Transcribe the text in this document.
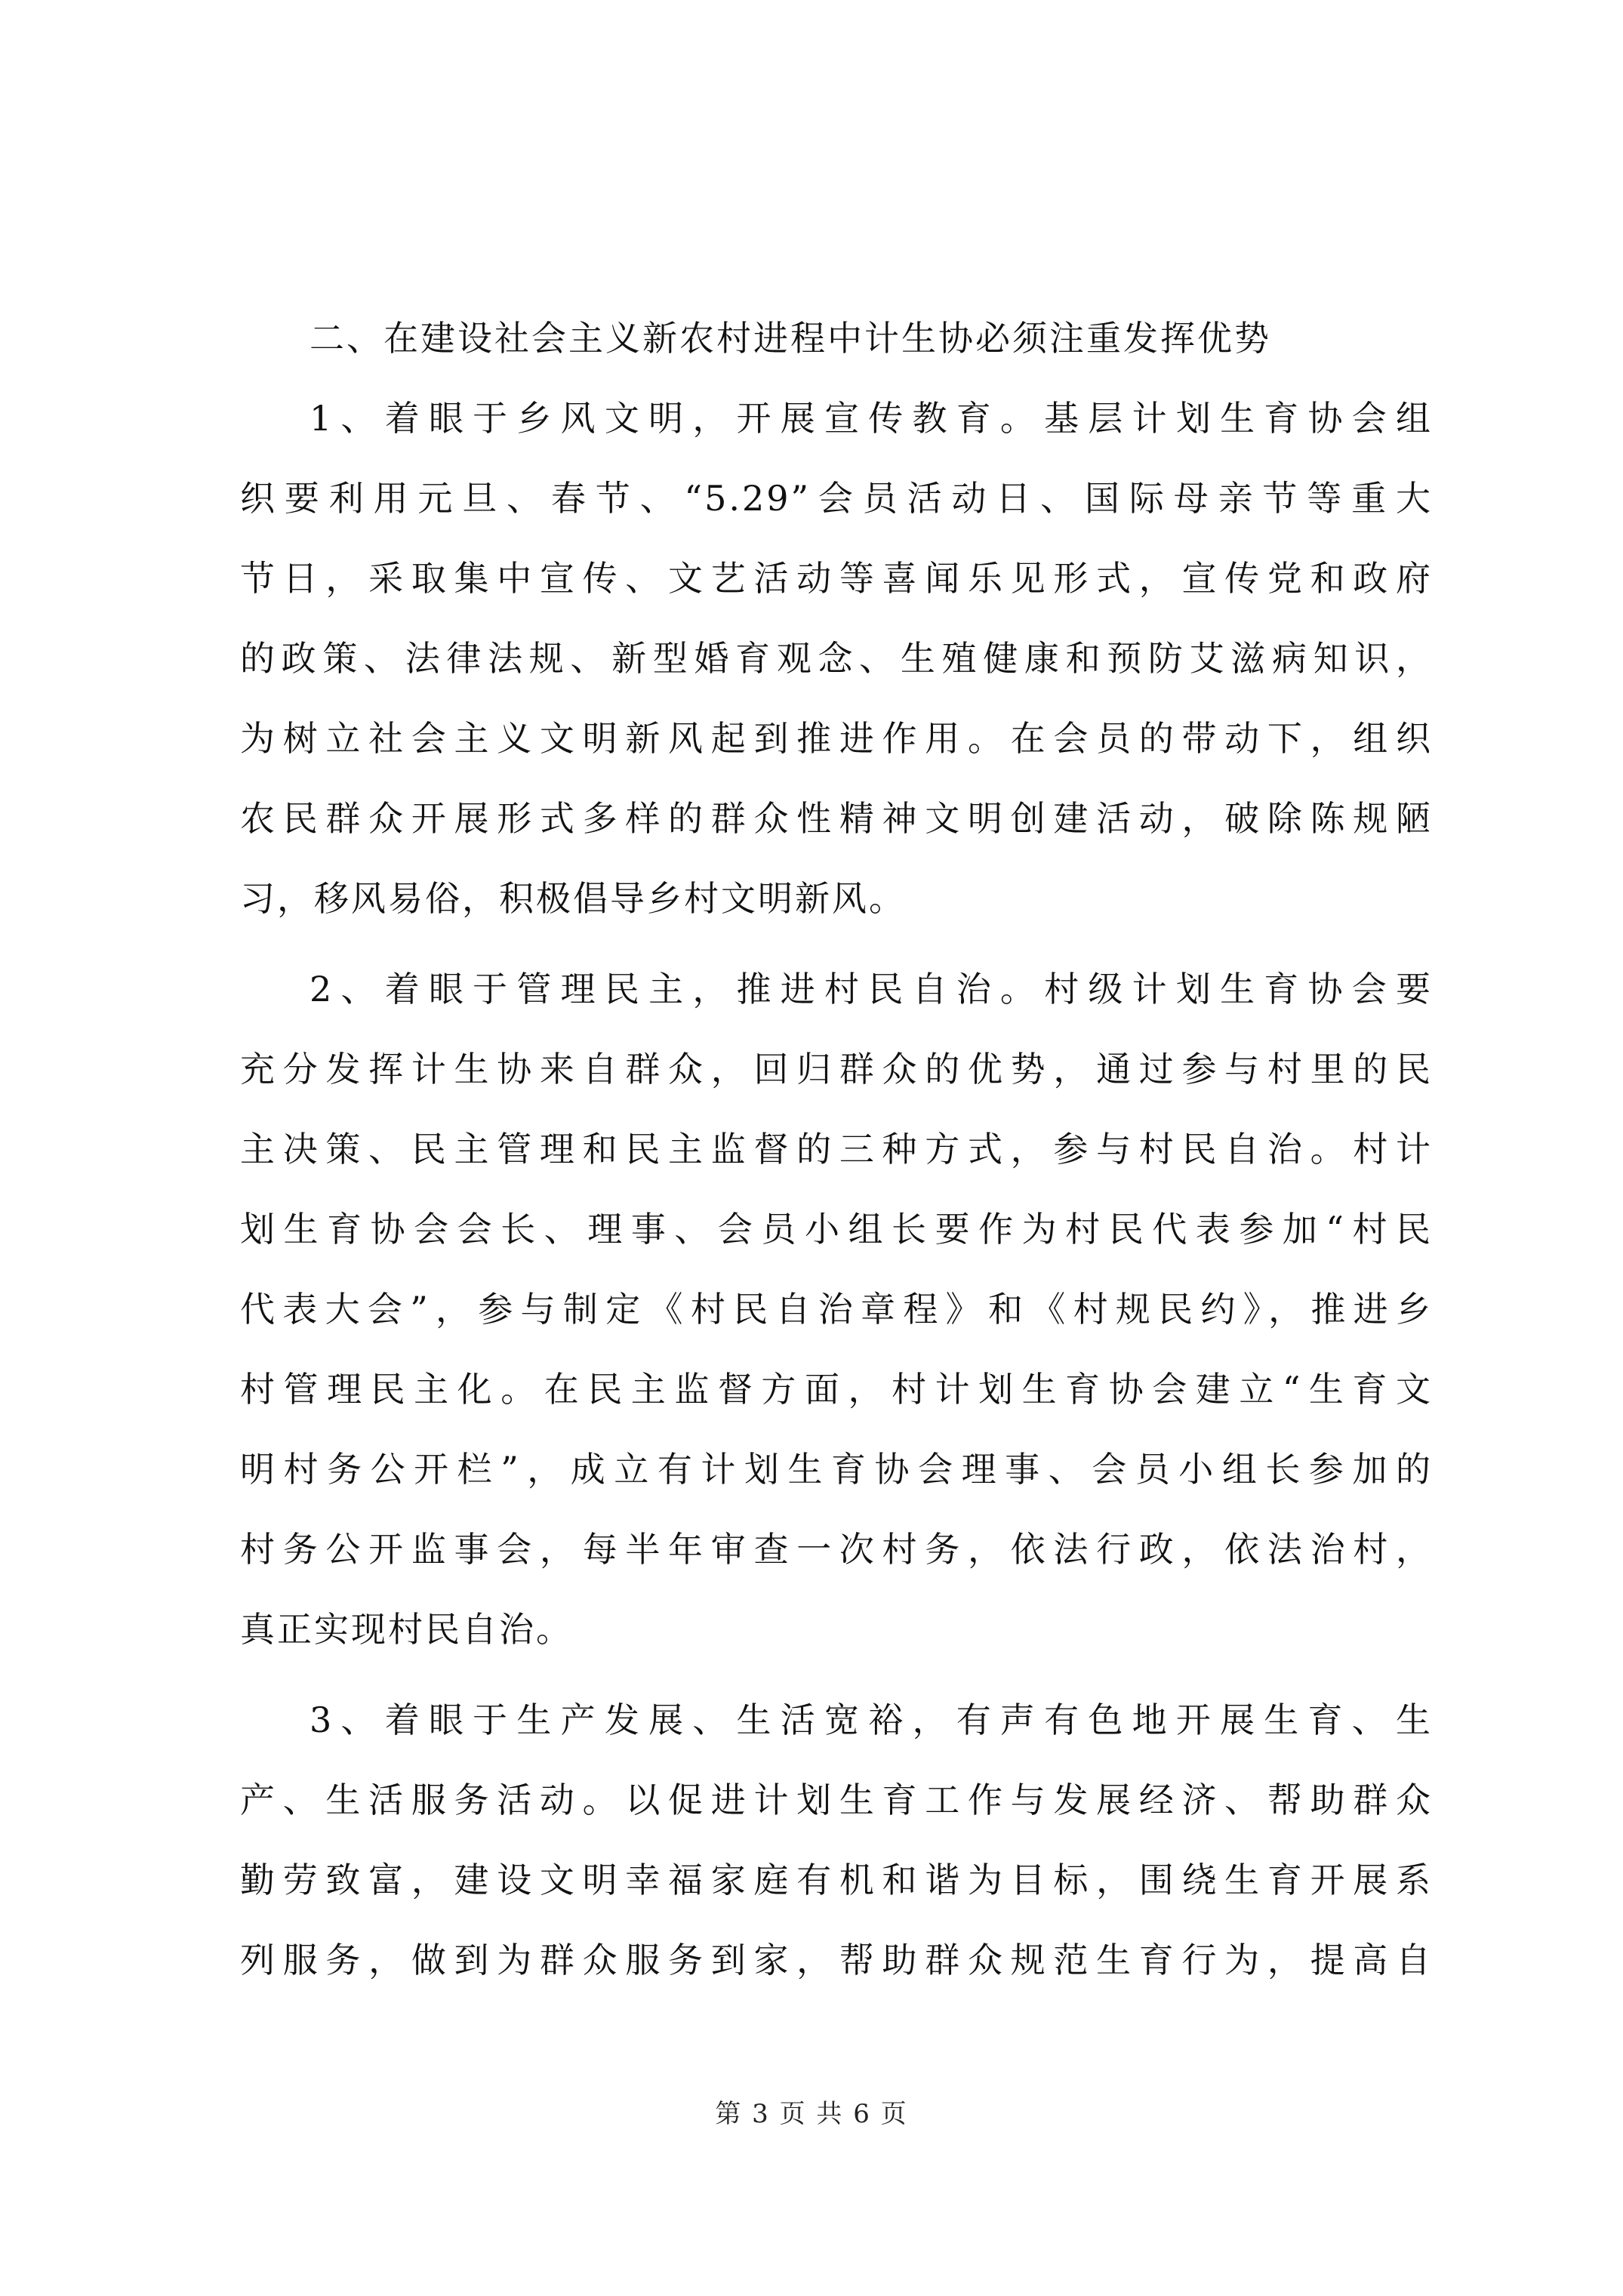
二、在建设社会主义新农村进程中计生协必须注重发挥优势

1、着眼于乡风文明，开展宣传教育。基层计划生育协会组
织要利用元旦、春节、“5.29”会员活动日、国际母亲节等重大
节日，采取集中宣传、文艺活动等喜闻乐见形式，宣传党和政府
的政策、法律法规、新型婚育观念、生殖健康和预防艾滋病知识，
为树立社会主义文明新风起到推进作用。在会员的带动下，组织
农民群众开展形式多样的群众性精神文明创建活动，破除陈规陋
习，移风易俗，积极倡导乡村文明新风。
2、着眼于管理民主，推进村民自治。村级计划生育协会要
充分发挥计生协来自群众，回归群众的优势，通过参与村里的民
主决策、民主管理和民主监督的三种方式，参与村民自治。村计
划生育协会会长、理事、会员小组长要作为村民代表参加“村民
代表大会”，参与制定《村民自治章程》和《村规民约》，推进乡
村管理民主化。在民主监督方面，村计划生育协会建立“生育文
明村务公开栏”，成立有计划生育协会理事、会员小组长参加的
村务公开监事会，每半年审查一次村务，依法行政，依法治村，
真正实现村民自治。
3、着眼于生产发展、生活宽裕，有声有色地开展生育、生
产、生活服务活动。以促进计划生育工作与发展经济、帮助群众
勤劳致富，建设文明幸福家庭有机和谐为目标，围绕生育开展系
列服务，做到为群众服务到家，帮助群众规范生育行为，提高自
第 3 页 共 6 页
